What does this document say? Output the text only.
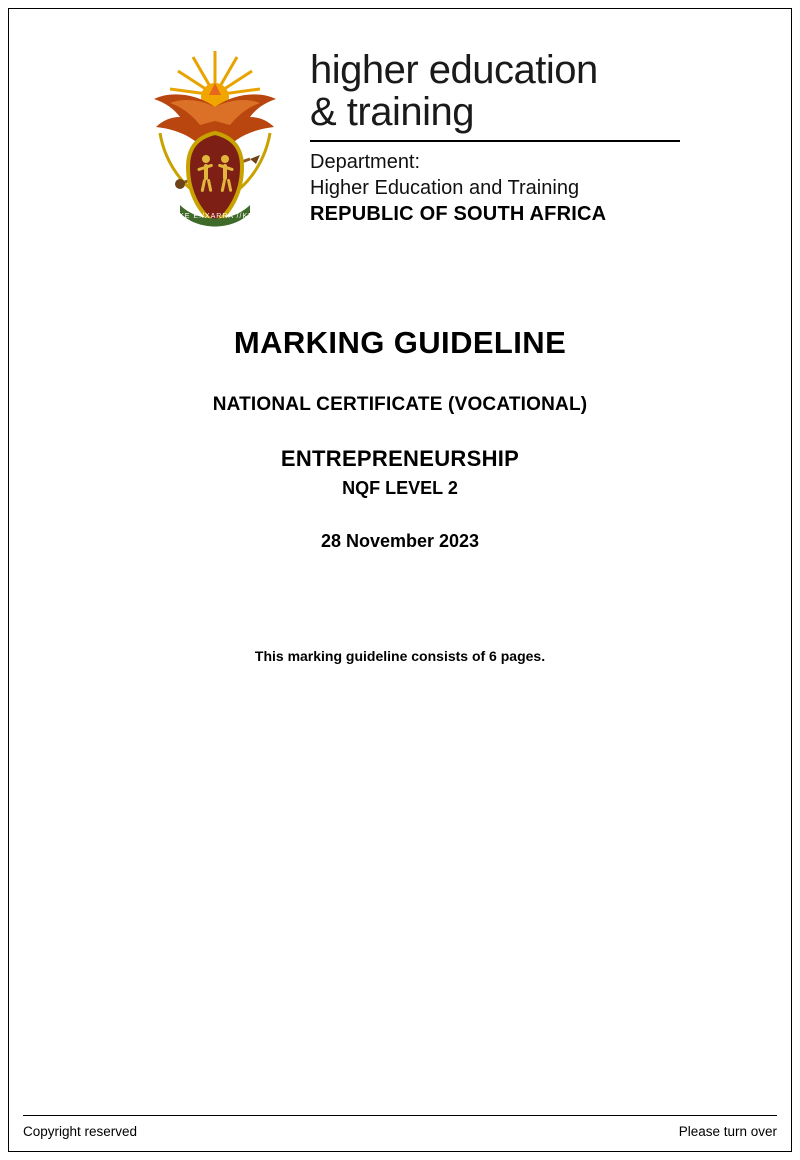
!KE E:/XARRA //KE
higher education
& training
Department:
Higher Education and Training
REPUBLIC OF SOUTH AFRICA
MARKING GUIDELINE
NATIONAL CERTIFICATE (VOCATIONAL)
ENTREPRENEURSHIP
NQF LEVEL 2
28 November 2023
This marking guideline consists of 6 pages.
Copyright reserved	Please turn over
